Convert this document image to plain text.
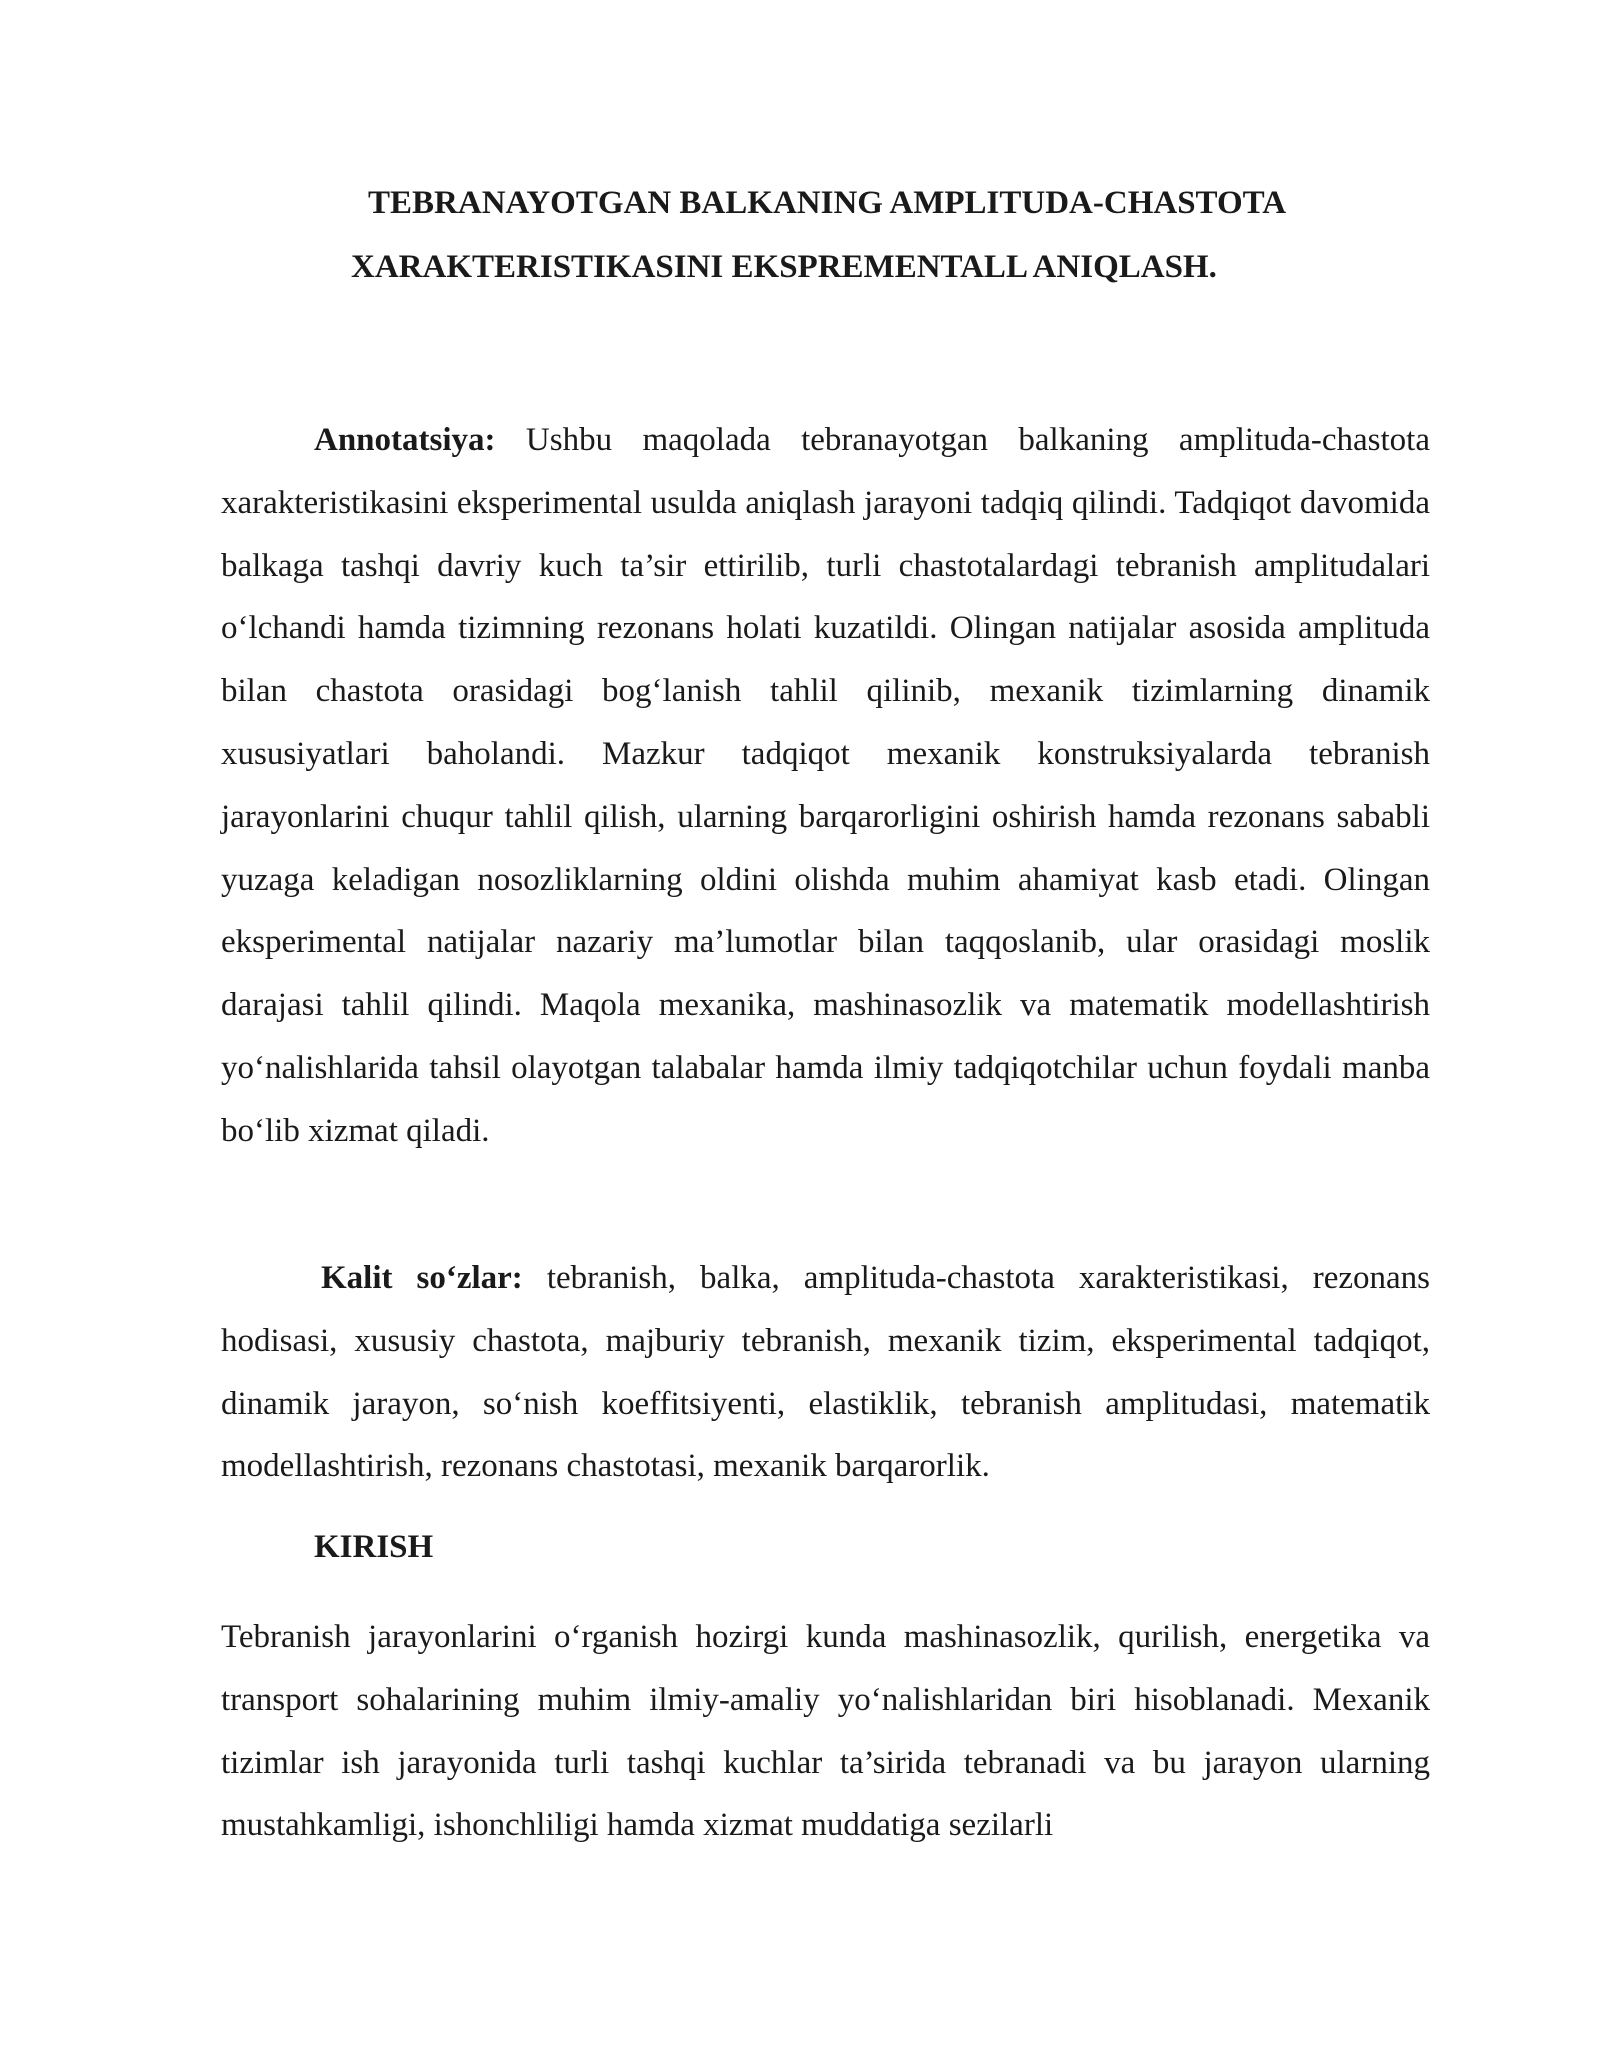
TEBRANAYOTGAN BALKANING AMPLITUDA-CHASTOTA
XARAKTERISTIKASINI EKSPREMENTALL ANIQLASH.

Annotatsiya: Ushbu maqolada tebranayotgan balkaning amplituda-chastota xarakteristikasini eksperimental usulda aniqlash jarayoni tadqiq qilindi. Tadqiqot davomida balkaga tashqi davriy kuch ta’sir ettirilib, turli chastotalardagi tebranish amplitudalari o‘lchandi hamda tizimning rezonans holati kuzatildi. Olingan natijalar asosida amplituda bilan chastota orasidagi bog‘lanish tahlil qilinib, mexanik tizimlarning dinamik xususiyatlari baholandi. Mazkur tadqiqot mexanik konstruksiyalarda tebranish jarayonlarini chuqur tahlil qilish, ularning barqarorligini oshirish hamda rezonans sababli yuzaga keladigan nosozliklarning oldini olishda muhim ahamiyat kasb etadi. Olingan eksperimental natijalar nazariy ma’lumotlar bilan taqqoslanib, ular orasidagi moslik darajasi tahlil qilindi. Maqola mexanika, mashinasozlik va matematik modellashtirish yo‘nalishlarida tahsil olayotgan talabalar hamda ilmiy tadqiqotchilar uchun foydali manba bo‘lib xizmat qiladi.

Kalit so‘zlar: tebranish, balka, amplituda-chastota xarakteristikasi, rezonans hodisasi, xususiy chastota, majburiy tebranish, mexanik tizim, eksperimental tadqiqot, dinamik jarayon, so‘nish koeffitsiyenti, elastiklik, tebranish amplitudasi, matematik modellashtirish, rezonans chastotasi, mexanik barqarorlik.

KIRISH

Tebranish jarayonlarini o‘rganish hozirgi kunda mashinasozlik, qurilish, energetika va transport sohalarining muhim ilmiy-amaliy yo‘nalishlaridan biri hisoblanadi. Mexanik tizimlar ish jarayonida turli tashqi kuchlar ta’sirida tebranadi va bu jarayon ularning mustahkamligi, ishonchliligi hamda xizmat muddatiga sezilarli
